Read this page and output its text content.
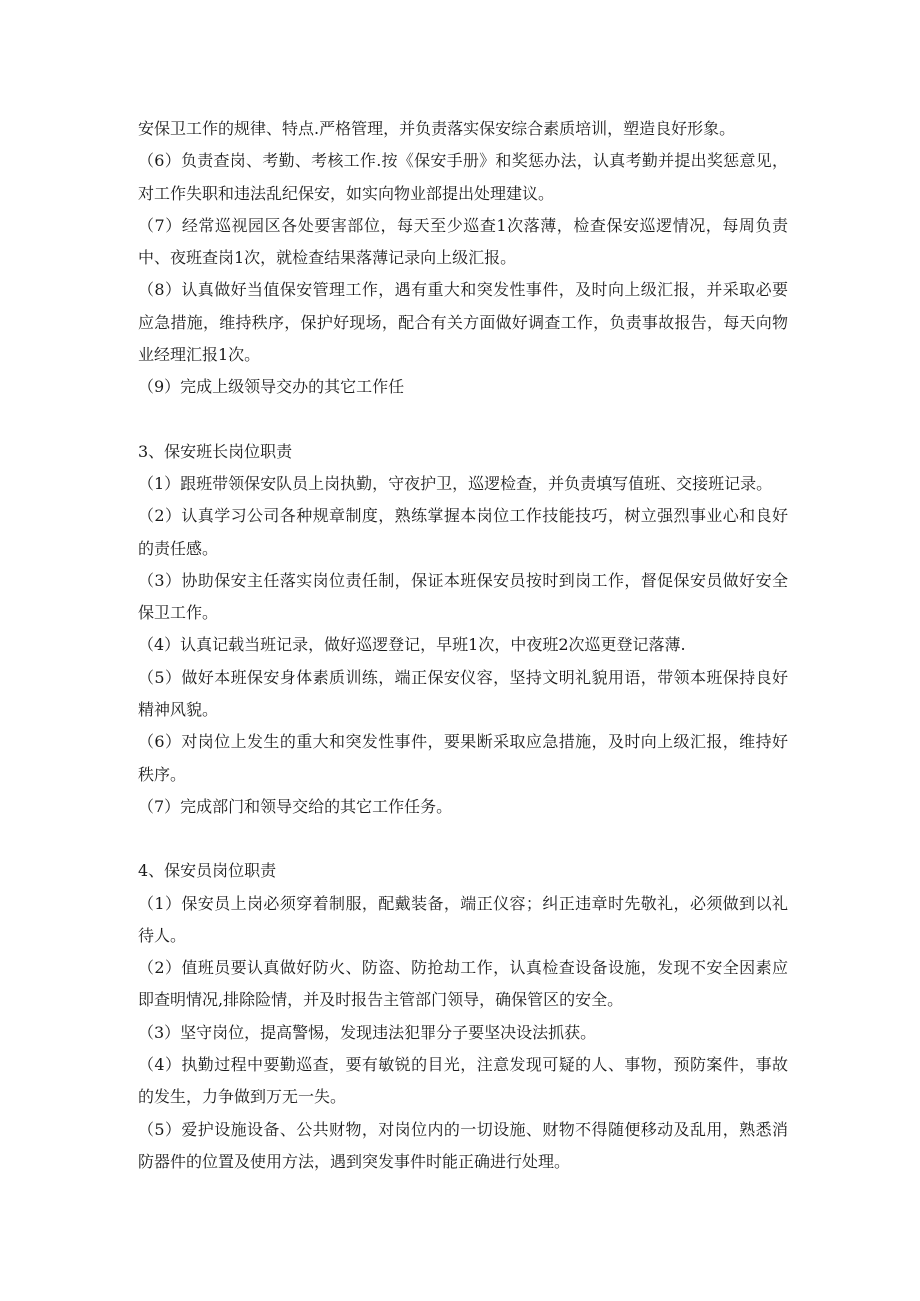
安保卫工作的规律、特点.严格管理，并负责落实保安综合素质培训，塑造良好形象。

（6）负责查岗、考勤、考核工作.按《保安手册》和奖惩办法，认真考勤并提出奖惩意见，对工作失职和违法乱纪保安，如实向物业部提出处理建议。

（7）经常巡视园区各处要害部位，每天至少巡查1次落薄，检查保安巡逻情况，每周负责中、夜班查岗1次，就检查结果落薄记录向上级汇报。

（8）认真做好当值保安管理工作，遇有重大和突发性事件，及时向上级汇报，并采取必要应急措施，维持秩序，保护好现场，配合有关方面做好调查工作，负责事故报告，每天向物业经理汇报1次。

（9）完成上级领导交办的其它工作任

3、保安班长岗位职责

（1）跟班带领保安队员上岗执勤，守夜护卫，巡逻检查，并负责填写值班、交接班记录。

（2）认真学习公司各种规章制度，熟练掌握本岗位工作技能技巧，树立强烈事业心和良好的责任感。

（3）协助保安主任落实岗位责任制，保证本班保安员按时到岗工作，督促保安员做好安全保卫工作。

（4）认真记载当班记录，做好巡逻登记，早班1次，中夜班2次巡更登记落薄.

（5）做好本班保安身体素质训练，端正保安仪容，坚持文明礼貌用语，带领本班保持良好精神风貌。

（6）对岗位上发生的重大和突发性事件，要果断采取应急措施，及时向上级汇报，维持好秩序。

（7）完成部门和领导交给的其它工作任务。

4、保安员岗位职责

（1）保安员上岗必须穿着制服，配戴装备，端正仪容；纠正违章时先敬礼，必须做到以礼待人。

（2）值班员要认真做好防火、防盗、防抢劫工作，认真检查设备设施，发现不安全因素应即查明情况,排除险情，并及时报告主管部门领导，确保管区的安全。

（3）坚守岗位，提高警惕，发现违法犯罪分子要坚决设法抓获。

（4）执勤过程中要勤巡查，要有敏锐的目光，注意发现可疑的人、事物，预防案件，事故的发生，力争做到万无一失。

（5）爱护设施设备、公共财物，对岗位内的一切设施、财物不得随便移动及乱用，熟悉消防器件的位置及使用方法，遇到突发事件时能正确进行处理。
